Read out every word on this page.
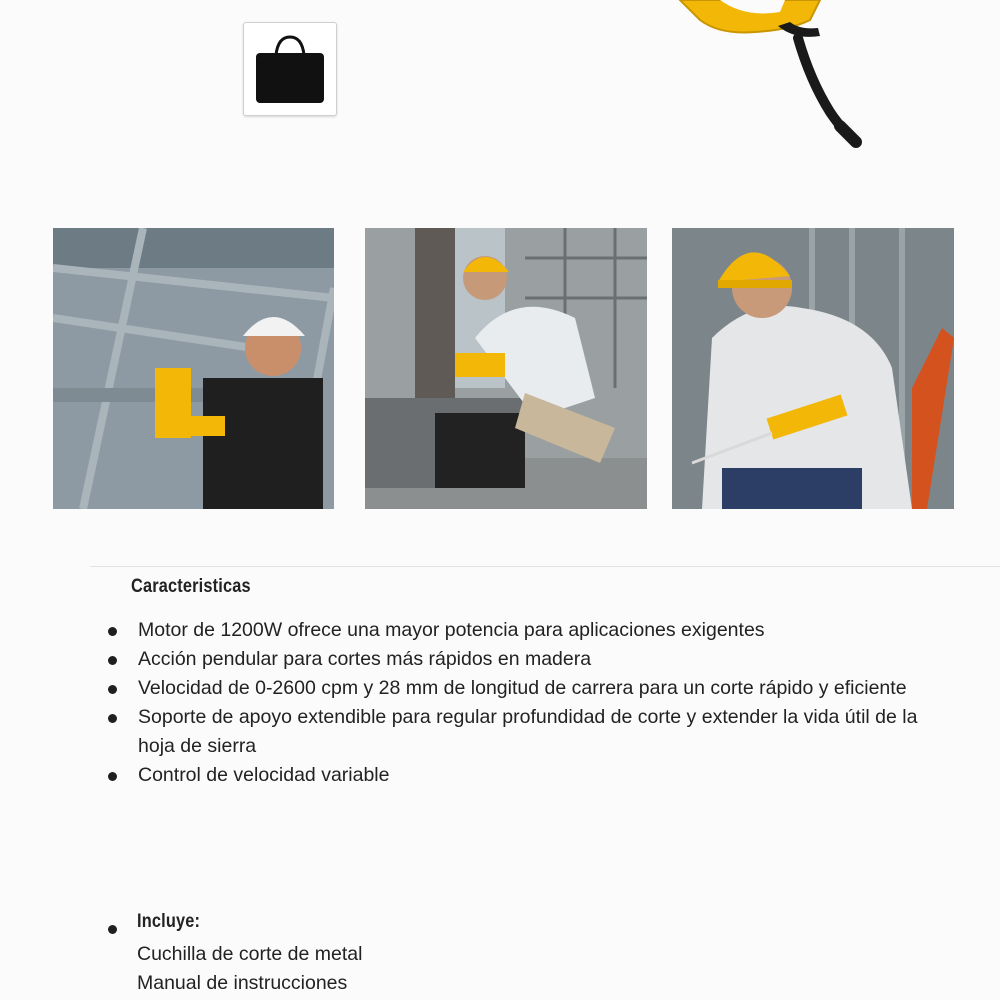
Caracteristicas
Motor de 1200W ofrece una mayor potencia para aplicaciones exigentes
Acción pendular para cortes más rápidos en madera
Velocidad de 0-2600 cpm y 28 mm de longitud de carrera para un corte rápido y eficiente
Soporte de apoyo extendible para regular profundidad de corte y extender la vida útil de la hoja de sierra
Control de velocidad variable
Incluye:
Cuchilla de corte de metal
Manual de instrucciones
